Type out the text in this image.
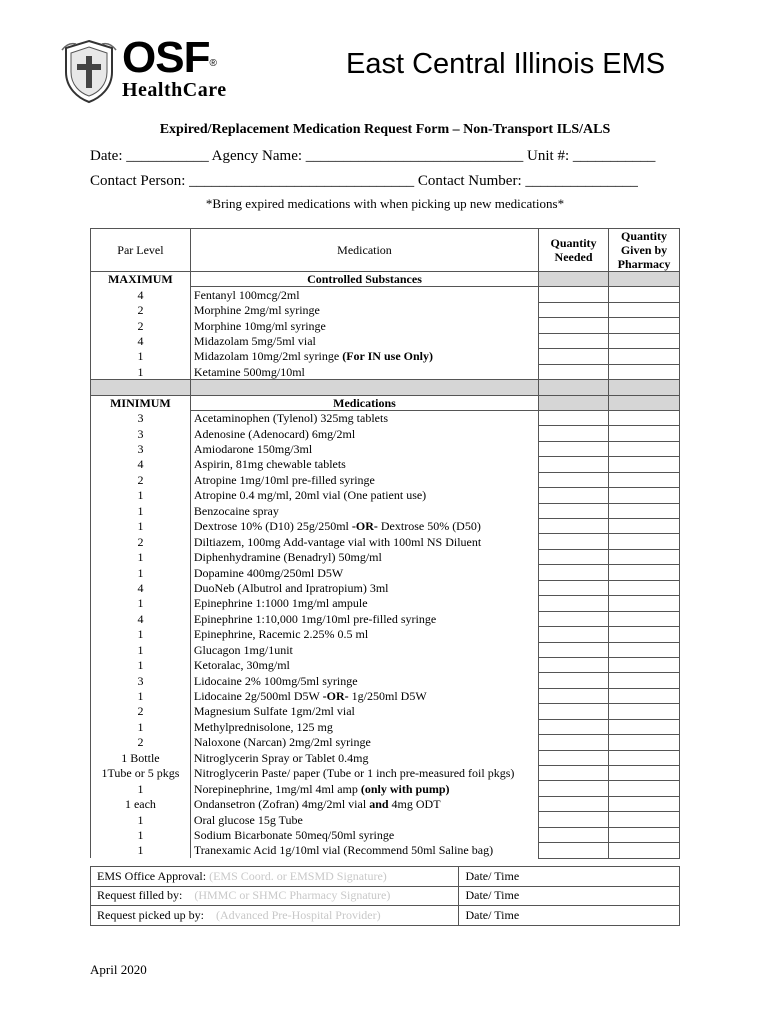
OSF®
HealthCare
East Central Illinois EMS
Expired/Replacement Medication Request Form – Non-Transport ILS/ALS
Date: ___________ Agency Name: _____________________________ Unit #: ___________
Contact Person: ______________________________ Contact Number: _______________
*Bring expired medications with when picking up new medications*
Par Level	Medication	Quantity Needed	Quantity Given by Pharmacy
MAXIMUM	Controlled Substances		
4	Fentanyl 100mcg/2ml		
2	Morphine 2mg/ml syringe		
2	Morphine 10mg/ml syringe		
4	Midazolam 5mg/5ml vial		
1	Midazolam 10mg/2ml syringe (For IN use Only)		
1	Ketamine 500mg/10ml		

MINIMUM	Medications		
3	Acetaminophen (Tylenol) 325mg tablets		
3	Adenosine (Adenocard) 6mg/2ml		
3	Amiodarone 150mg/3ml		
4	Aspirin, 81mg chewable tablets		
2	Atropine 1mg/10ml pre-filled syringe		
1	Atropine 0.4 mg/ml, 20ml vial (One patient use)		
1	Benzocaine spray		
1	Dextrose 10% (D10) 25g/250ml -OR- Dextrose 50% (D50)		
2	Diltiazem, 100mg Add-vantage vial with 100ml NS Diluent		
1	Diphenhydramine (Benadryl) 50mg/ml		
1	Dopamine 400mg/250ml D5W		
4	DuoNeb (Albutrol and Ipratropium) 3ml		
1	Epinephrine 1:1000 1mg/ml ampule		
4	Epinephrine 1:10,000 1mg/10ml pre-filled syringe		
1	Epinephrine, Racemic 2.25% 0.5 ml		
1	Glucagon 1mg/1unit		
1	Ketoralac, 30mg/ml		
3	Lidocaine 2% 100mg/5ml syringe		
1	Lidocaine 2g/500ml D5W -OR- 1g/250ml D5W		
2	Magnesium Sulfate 1gm/2ml vial		
1	Methylprednisolone, 125 mg		
2	Naloxone (Narcan) 2mg/2ml syringe		
1 Bottle	Nitroglycerin Spray or Tablet 0.4mg		
1Tube or 5 pkgs	Nitroglycerin Paste/ paper (Tube or 1 inch pre-measured foil pkgs)		
1	Norepinephrine, 1mg/ml 4ml amp (only with pump)		
1 each	Ondansetron (Zofran) 4mg/2ml vial and 4mg ODT		
1	Oral glucose 15g Tube		
1	Sodium Bicarbonate 50meq/50ml syringe		
1	Tranexamic Acid 1g/10ml vial (Recommend 50ml Saline bag)		
EMS Office Approval: (EMS Coord. or EMSMD Signature)	Date/ Time
Request filled by:    (HMMC or SHMC Pharmacy Signature)	Date/ Time
Request picked up by:    (Advanced Pre-Hospital Provider)	Date/ Time
April 2020
